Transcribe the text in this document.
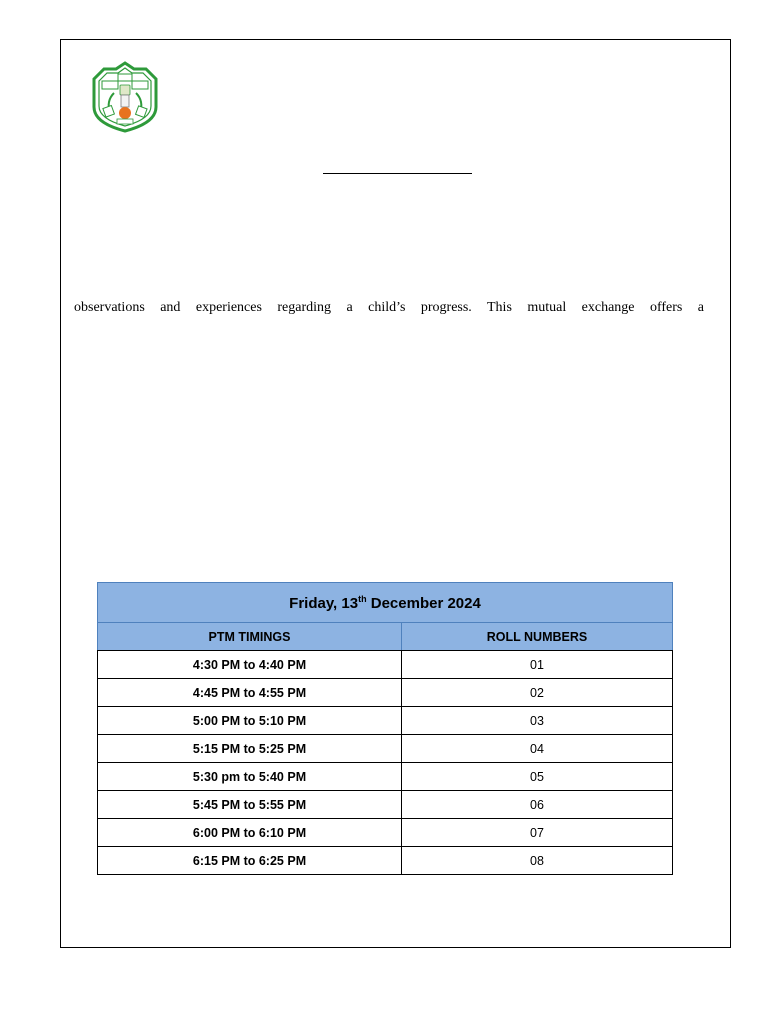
observations and experiences regarding a child’s progress. This mutual exchange offers a
Friday, 13th December 2024	
PTM TIMINGS	ROLL NUMBERS
4:30 PM to 4:40 PM	01
4:45 PM to 4:55 PM	02
5:00 PM to 5:10 PM	03
5:15 PM to 5:25 PM	04
5:30 pm to 5:40 PM	05
5:45 PM to 5:55 PM	06
6:00 PM to 6:10 PM	07
6:15 PM to 6:25 PM	08
